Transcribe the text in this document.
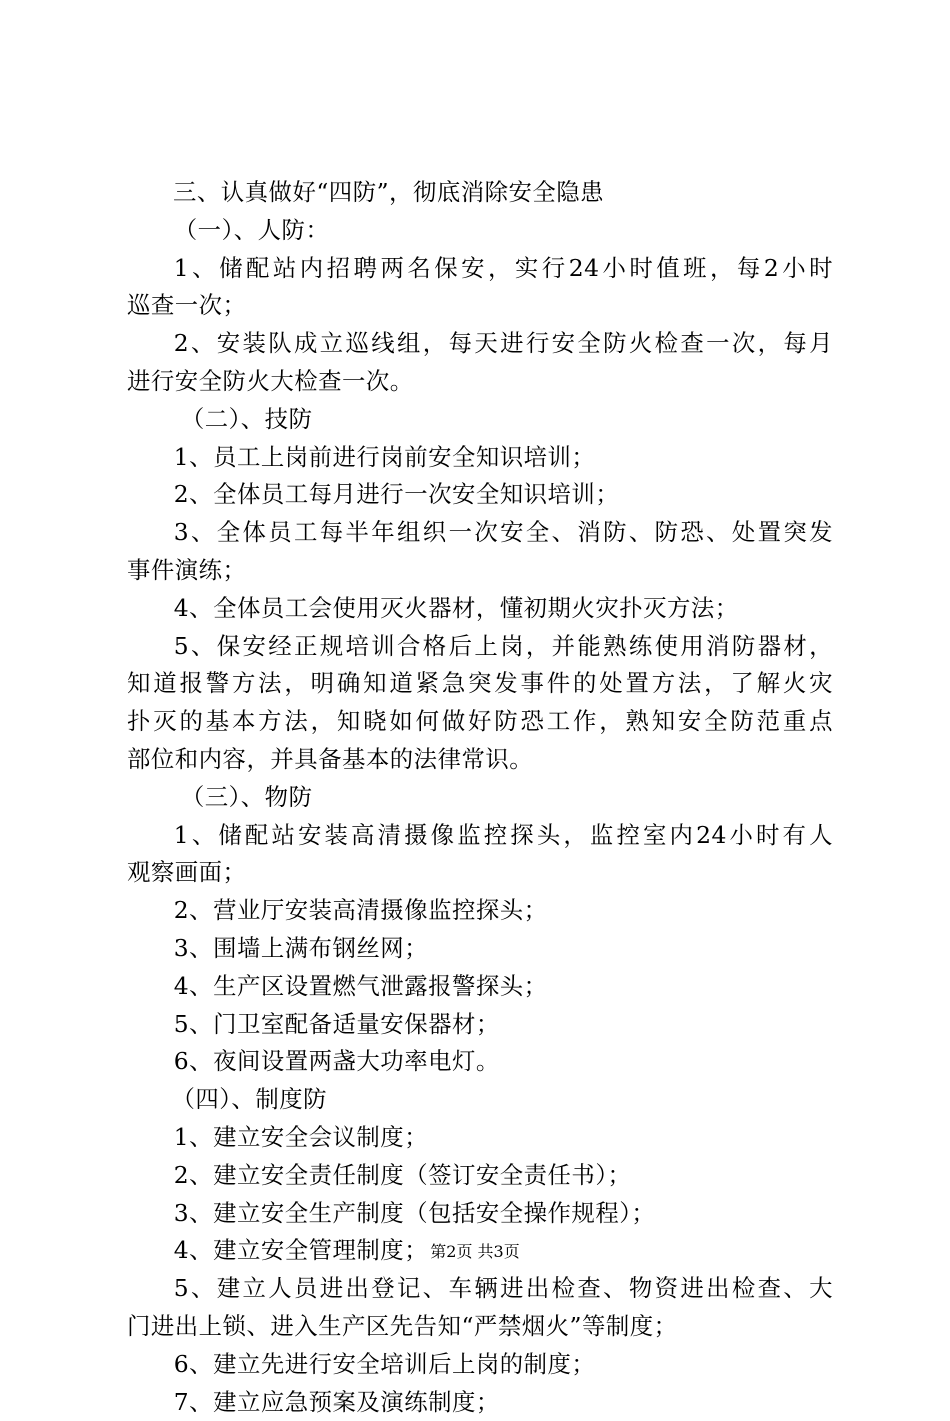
三、认真做好“四防”，彻底消除安全隐患
（一）、人防：
1、储配站内招聘两名保安，实行24小时值班，每2小时
巡查一次；
2、安装队成立巡线组，每天进行安全防火检查一次，每月
进行安全防火大检查一次。
（二）、技防
1、员工上岗前进行岗前安全知识培训；
2、全体员工每月进行一次安全知识培训；
3、全体员工每半年组织一次安全、消防、防恐、处置突发
事件演练；
4、全体员工会使用灭火器材，懂初期火灾扑灭方法；
5、保安经正规培训合格后上岗，并能熟练使用消防器材，
知道报警方法，明确知道紧急突发事件的处置方法，了解火灾
扑灭的基本方法，知晓如何做好防恐工作，熟知安全防范重点
部位和内容，并具备基本的法律常识。
（三）、物防
1、储配站安装高清摄像监控探头，监控室内24小时有人
观察画面；
2、营业厅安装高清摄像监控探头；
3、围墙上满布钢丝网；
4、生产区设置燃气泄露报警探头；
5、门卫室配备适量安保器材；
6、夜间设置两盏大功率电灯。
（四）、制度防
1、建立安全会议制度；
2、建立安全责任制度（签订安全责任书）；
3、建立安全生产制度（包括安全操作规程）；
4、建立安全管理制度；
5、建立人员进出登记、车辆进出检查、物资进出检查、大
门进出上锁、进入生产区先告知“严禁烟火”等制度；
6、建立先进行安全培训后上岗的制度；
7、建立应急预案及演练制度；
第2页 共3页
